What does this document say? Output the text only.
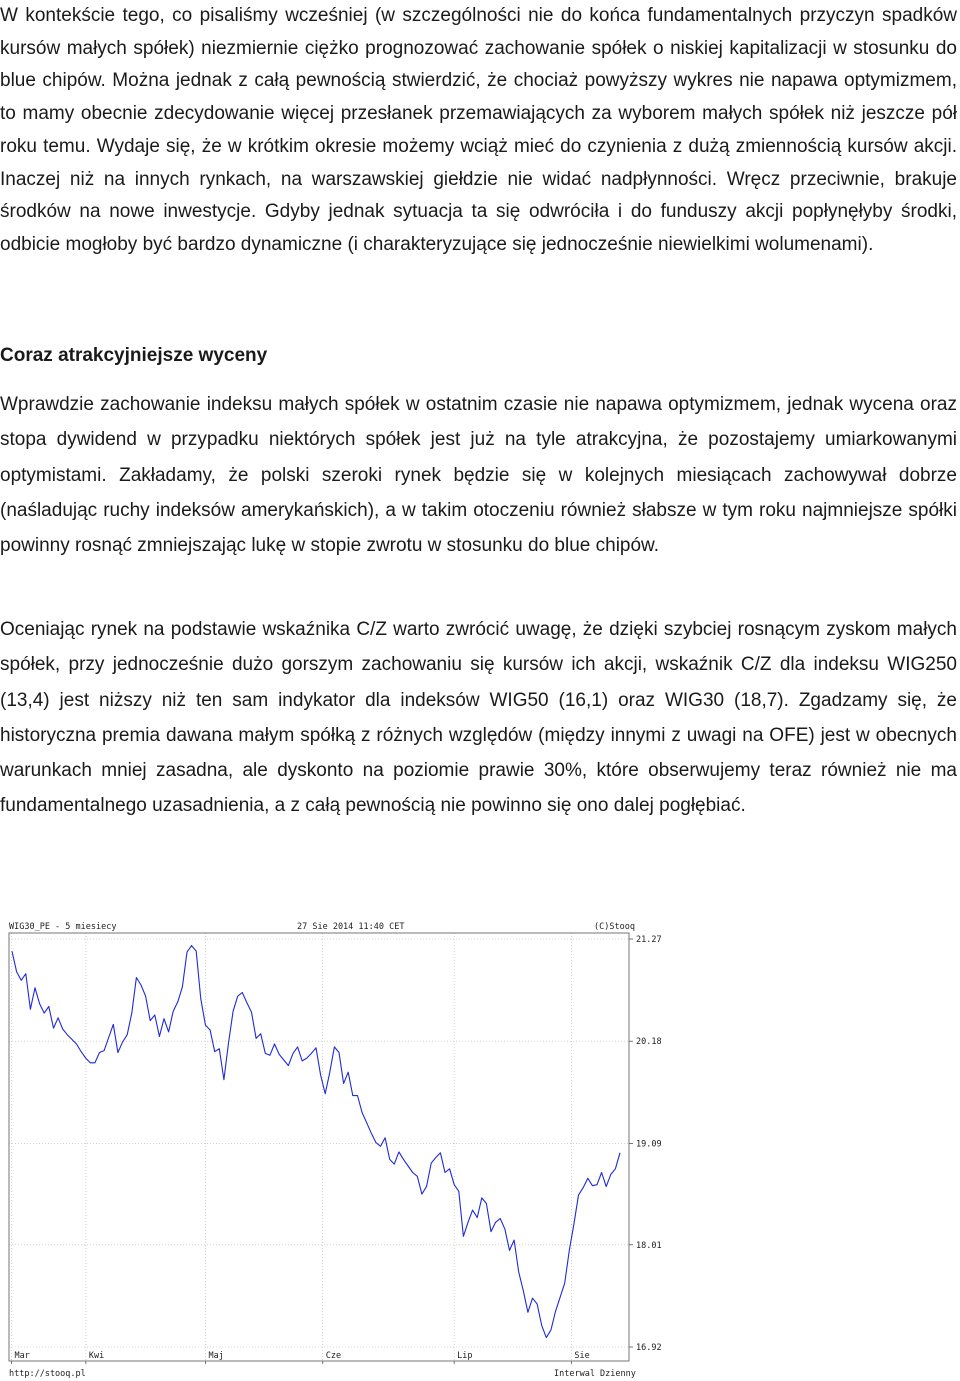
W kontekście tego, co pisaliśmy wcześniej (w szczególności nie do końca fundamentalnych przyczyn spadków kursów małych spółek) niezmiernie ciężko prognozować zachowanie spółek o niskiej kapitalizacji w stosunku do blue chipów. Można jednak z całą pewnością stwierdzić, że chociaż powyższy wykres nie napawa optymizmem, to mamy obecnie zdecydowanie więcej przesłanek przemawiających za wyborem małych spółek niż jeszcze pół roku temu. Wydaje się, że w krótkim okresie możemy wciąż mieć do czynienia z dużą zmiennością kursów akcji. Inaczej niż na innych rynkach, na warszawskiej giełdzie nie widać nadpłynności. Wręcz przeciwnie, brakuje środków na nowe inwestycje. Gdyby jednak sytuacja ta się odwróciła i do funduszy akcji popłynęłyby środki, odbicie mogłoby być bardzo dynamiczne (i charakteryzujące się jednocześnie niewielkimi wolumenami).

Coraz atrakcyjniejsze wyceny

Wprawdzie zachowanie indeksu małych spółek w ostatnim czasie nie napawa optymizmem, jednak wycena oraz stopa dywidend w przypadku niektórych spółek jest już na tyle atrakcyjna, że pozostajemy umiarkowanymi optymistami. Zakładamy, że polski szeroki rynek będzie się w kolejnych miesiącach zachowywał dobrze (naśladując ruchy indeksów amerykańskich), a w takim otoczeniu również słabsze w tym roku najmniejsze spółki powinny rosnąć zmniejszając lukę w stopie zwrotu w stosunku do blue chipów.

Oceniając rynek na podstawie wskaźnika C/Z warto zwrócić uwagę, że dzięki szybciej rosnącym zyskom małych spółek, przy jednocześnie dużo gorszym zachowaniu się kursów ich akcji, wskaźnik C/Z dla indeksu WIG250 (13,4) jest niższy niż ten sam indykator dla indeksów WIG50 (16,1) oraz WIG30 (18,7). Zgadzamy się, że historyczna premia dawana małym spółką z różnych względów (między innymi z uwagi na OFE) jest w obecnych warunkach mniej zasadna, ale dyskonto na poziomie prawie 30%, które obserwujemy teraz również nie ma fundamentalnego uzasadnienia, a z całą pewnością nie powinno się ono dalej pogłębiać.

16.92
18.01
19.09
20.18
21.27
Mar	Kwi	Maj	Cze	Lip	Sie
WIG30_PE - 5 miesiecy	27 Sie 2014 11:40 CET	(C)Stooq
http://stooq.pl	Interwal Dzienny
